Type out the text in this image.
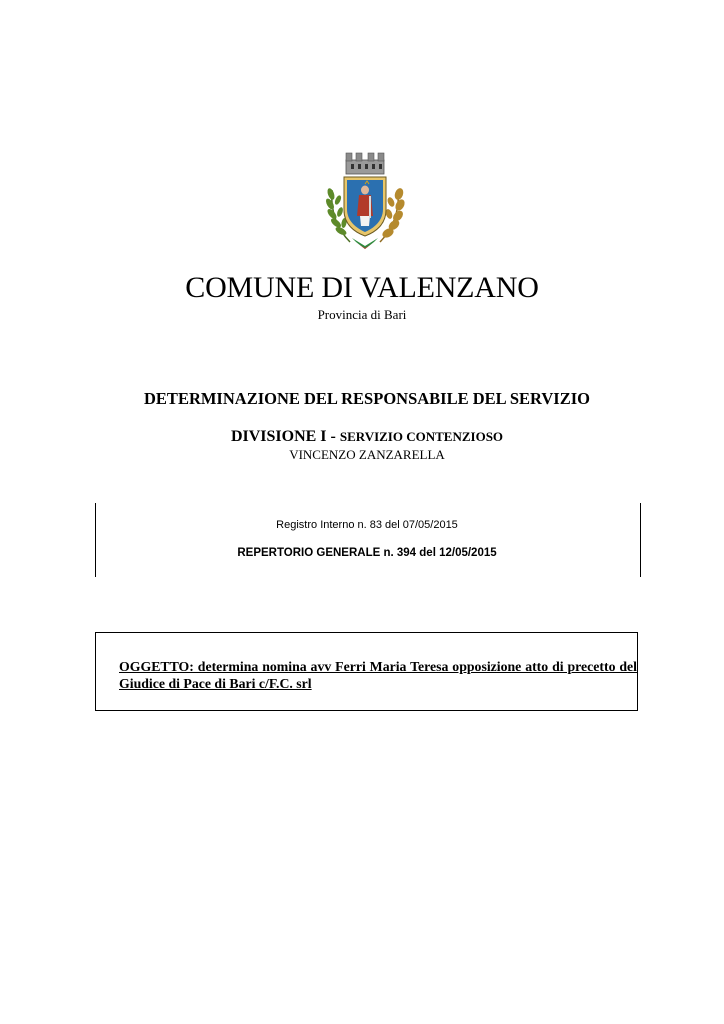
COMUNE DI VALENZANO
Provincia di Bari
DETERMINAZIONE DEL RESPONSABILE DEL SERVIZIO
DIVISIONE I - SERVIZIO CONTENZIOSO
VINCENZO ZANZARELLA
Registro Interno n. 83 del 07/05/2015
REPERTORIO GENERALE n. 394 del 12/05/2015
OGGETTO: determina nomina avv Ferri Maria Teresa opposizione atto di precetto del Giudice di Pace di Bari c/F.C. srl
